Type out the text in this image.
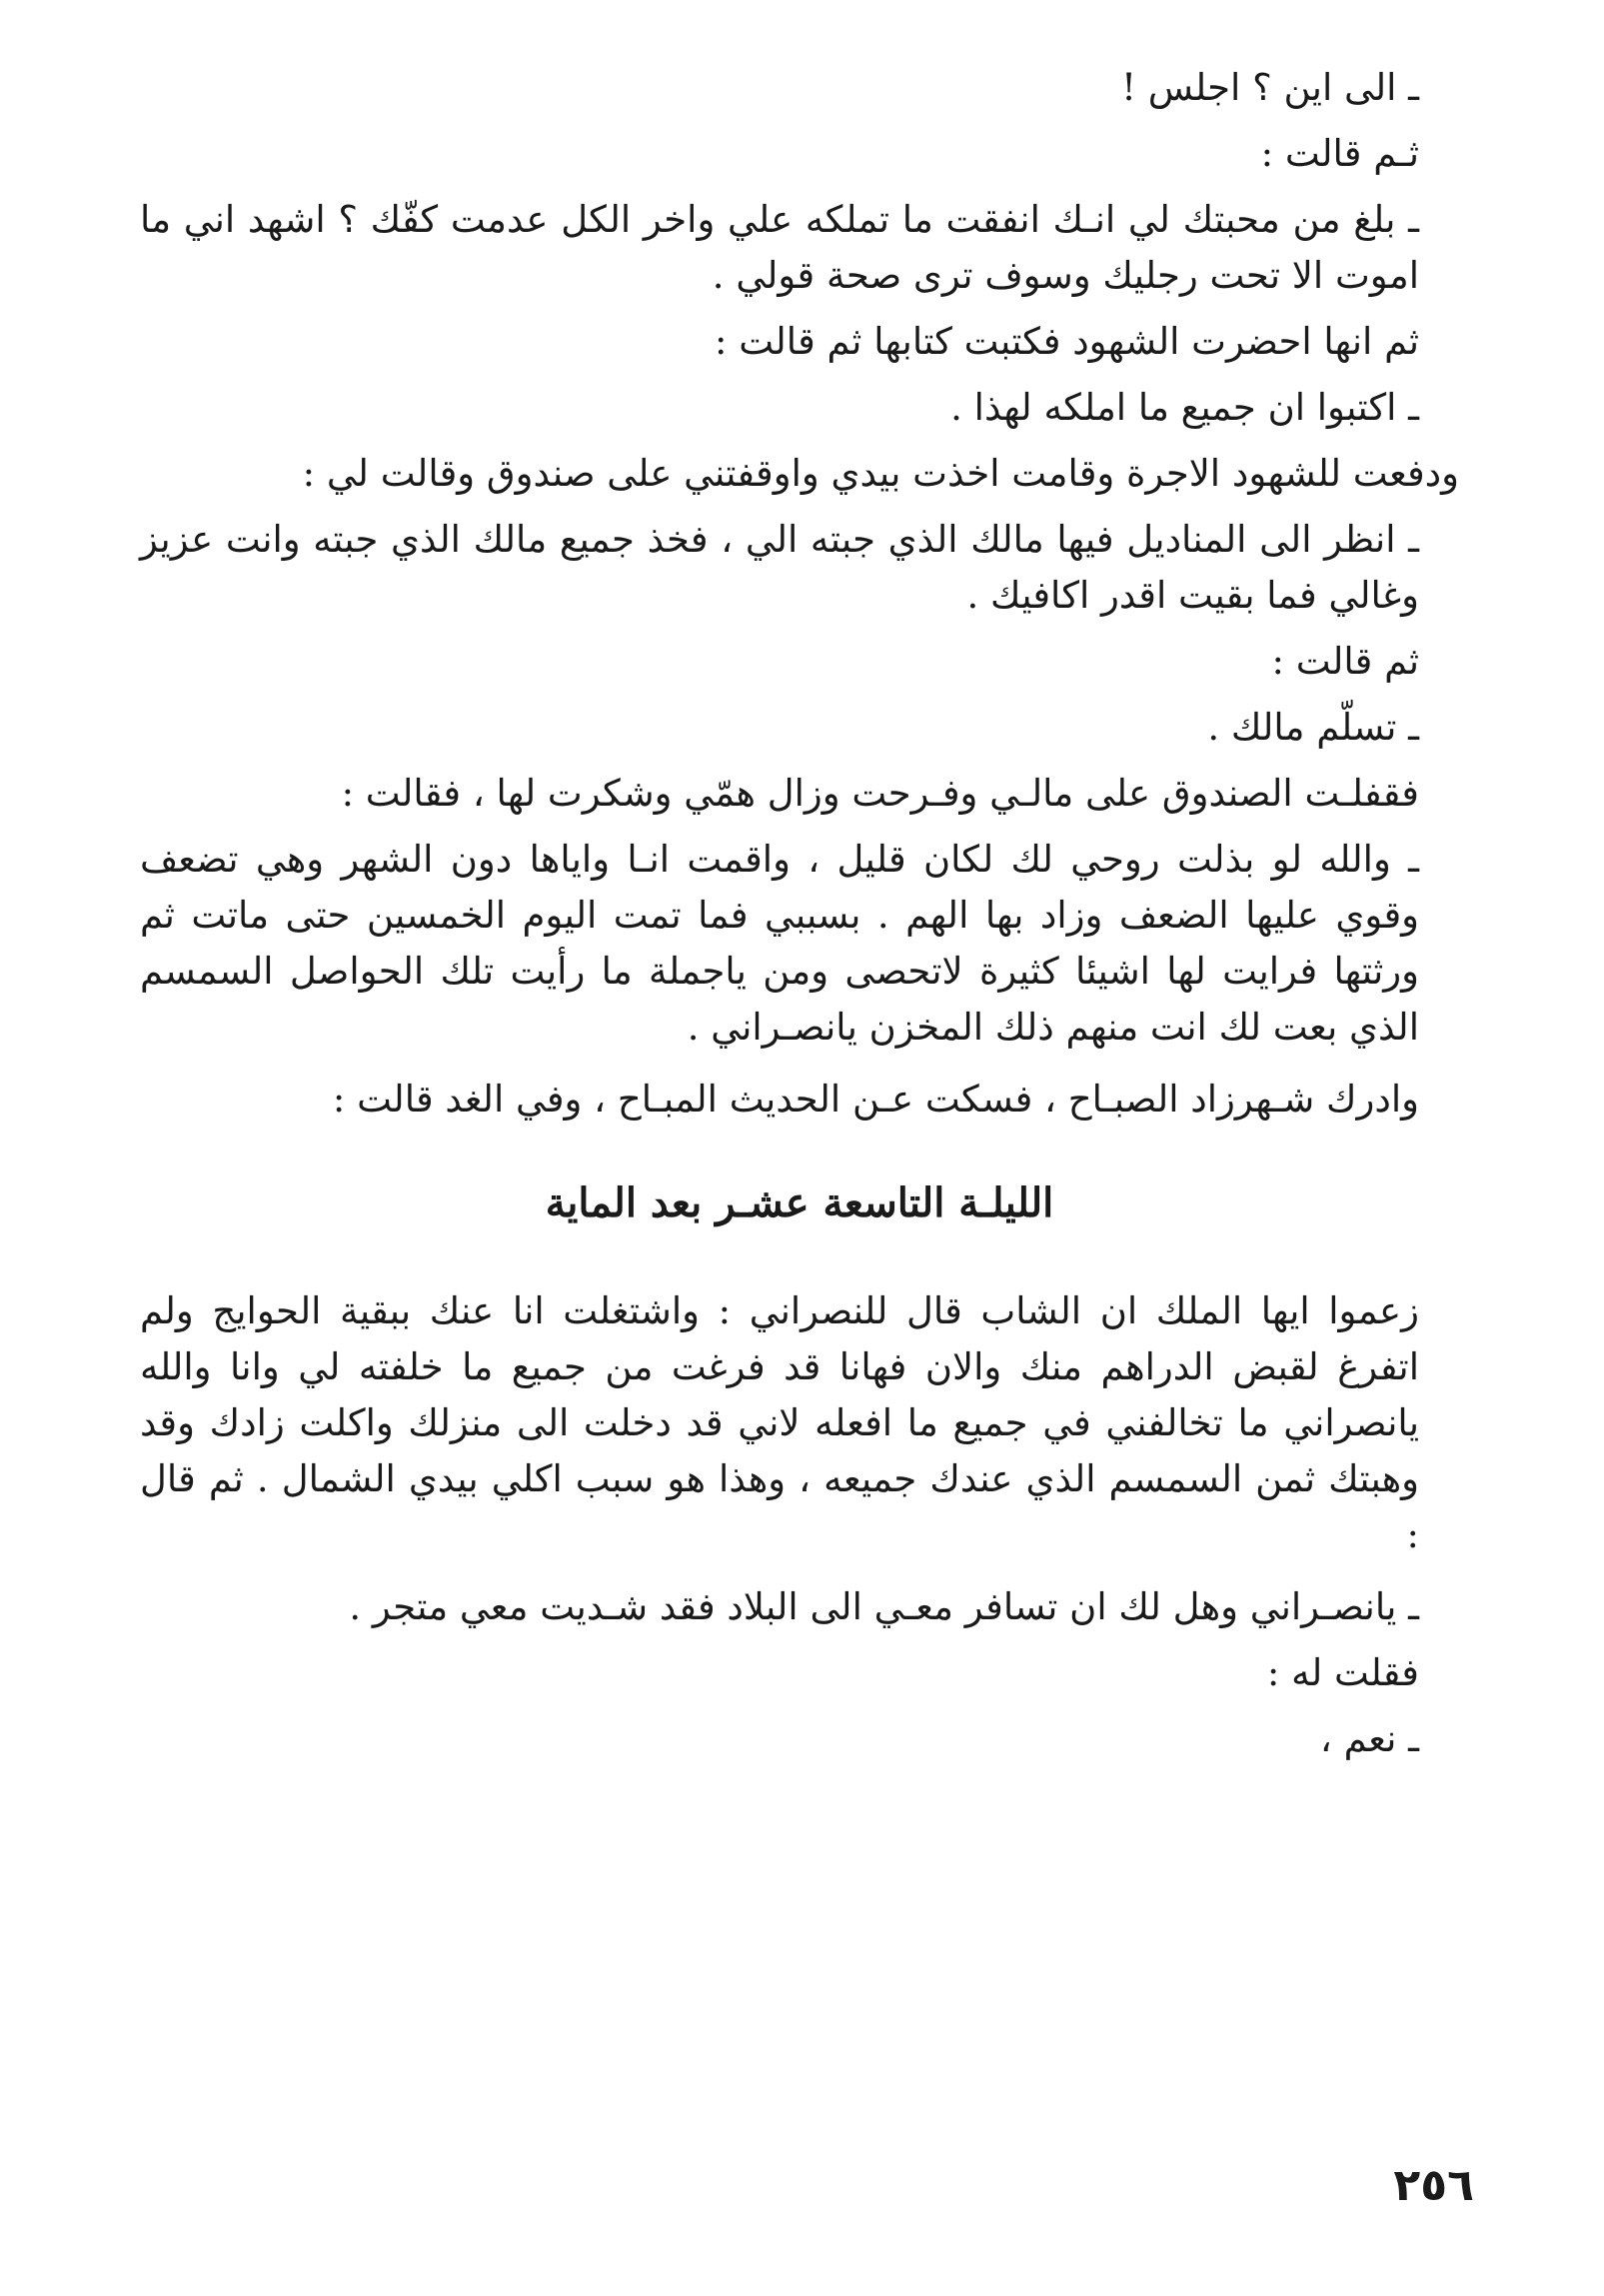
ـ الى اين ؟ اجلس !

ثـم قالت :

ـ بلغ من محبتك لي انـك انفقت ما تملكه علي واخر الكل عدمت كفّك ؟ اشهد اني ما اموت الا تحت رجليك وسوف ترى صحة قولي .

ثم انها احضرت الشهود فكتبت كتابها ثم قالت :

ـ اكتبوا ان جميع ما املكه لهذا .

ودفعت للشهود الاجرة وقامت اخذت بيدي واوقفتني على صندوق وقالت لي :

ـ انظر الى المناديل فيها مالك الذي جبته الي ، فخذ جميع مالك الذي جبته وانت عزيز وغالي فما بقيت اقدر اكافيك .

ثم قالت :

ـ تسلّم مالك .

فقفلـت الصندوق على مالـي وفـرحت وزال همّي وشكرت لها ، فقالت :

ـ والله لو بذلت روحي لك لكان قليل ، واقمت انـا واياها دون الشهر وهي تضعف وقوي عليها الضعف وزاد بها الهم . بسببي فما تمت اليوم الخمسين حتى ماتت ثم ورثتها فرايت لها اشيئا كثيرة لاتحصى ومن ياجملة ما رأيت تلك الحواصل السمسم الذي بعت لك انت منهم ذلك المخزن يانصـراني .

وادرك شـهرزاد الصبـاح ، فسكت عـن الحديث المبـاح ، وفي الغد قالت :

الليلـة التاسعة عشـر بعد الماية

زعموا ايها الملك ان الشاب قال للنصراني : واشتغلت انا عنك ببقية الحوايج ولم اتفرغ لقبض الدراهم منك والان فهانا قد فرغت من جميع ما خلفته لي وانا والله يانصراني ما تخالفني في جميع ما افعله لاني قد دخلت الى منزلك واكلت زادك وقد وهبتك ثمن السمسم الذي عندك جميعه ، وهذا هو سبب اكلي بيدي الشمال . ثم قال :

ـ يانصـراني وهل لك ان تسافر معـي الى البلاد فقد شـديت معي متجر .

فقلت له :

ـ نعم ،

٢٥٦
